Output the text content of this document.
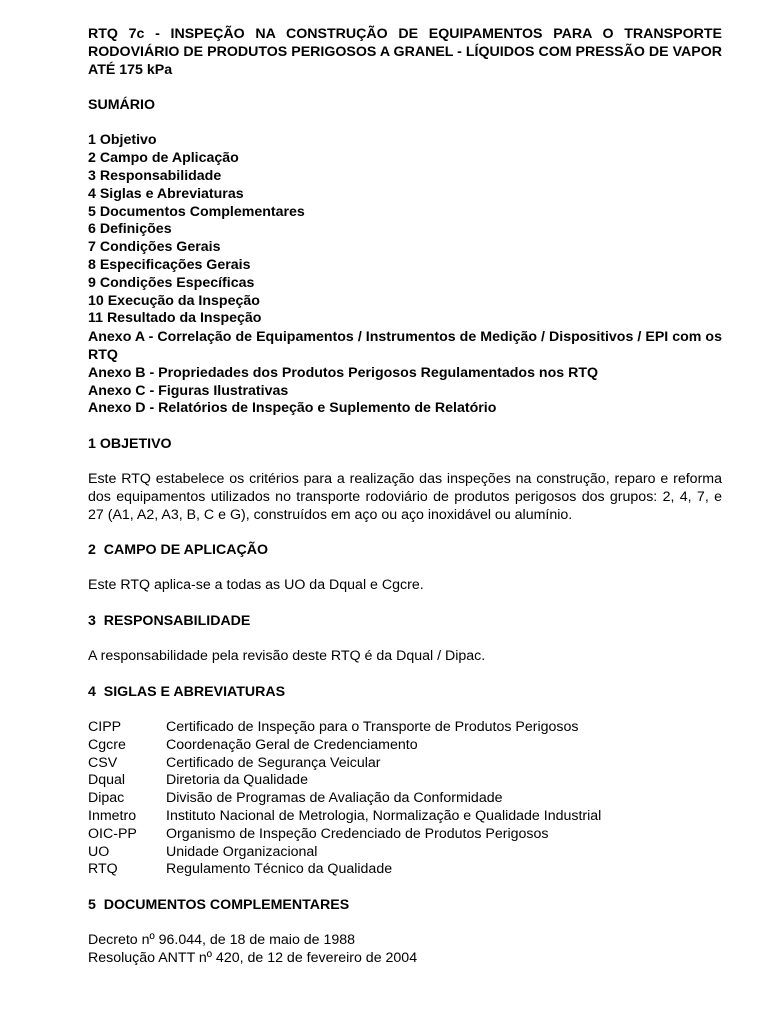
RTQ 7c - INSPEÇÃO NA CONSTRUÇÃO DE EQUIPAMENTOS PARA O TRANSPORTE RODOVIÁRIO DE PRODUTOS PERIGOSOS A GRANEL - LÍQUIDOS COM PRESSÃO DE VAPOR ATÉ 175 kPa

SUMÁRIO

1 Objetivo

2 Campo de Aplicação

3 Responsabilidade

4 Siglas e Abreviaturas

5 Documentos Complementares

6 Definições

7 Condições Gerais

8 Especificações Gerais

9 Condições Específicas

10 Execução da Inspeção

11 Resultado da Inspeção

Anexo A - Correlação de Equipamentos / Instrumentos de Medição / Dispositivos / EPI com os RTQ

Anexo B - Propriedades dos Produtos Perigosos Regulamentados nos RTQ

Anexo C - Figuras Ilustrativas

Anexo D - Relatórios de Inspeção e Suplemento de Relatório

1 OBJETIVO

Este RTQ estabelece os critérios para a realização das inspeções na construção, reparo e reforma dos equipamentos utilizados no transporte rodoviário de produtos perigosos dos grupos: 2, 4, 7, e 27 (A1, A2, A3, B, C e G), construídos em aço ou aço inoxidável ou alumínio.

2  CAMPO DE APLICAÇÃO

Este RTQ aplica-se a todas as UO da Dqual e Cgcre.

3  RESPONSABILIDADE

A responsabilidade pela revisão deste RTQ é da Dqual / Dipac.

4  SIGLAS E ABREVIATURAS

CIPP	Certificado de Inspeção para o Transporte de Produtos Perigosos
Cgcre	Coordenação Geral de Credenciamento
CSV	Certificado de Segurança Veicular
Dqual	Diretoria da Qualidade
Dipac	Divisão de Programas de Avaliação da Conformidade
Inmetro	Instituto Nacional de Metrologia, Normalização e Qualidade Industrial
OIC-PP	Organismo de Inspeção Credenciado de Produtos Perigosos
UO	Unidade Organizacional
RTQ	Regulamento Técnico da Qualidade

5  DOCUMENTOS COMPLEMENTARES

Decreto nº 96.044, de 18 de maio de 1988

Resolução ANTT nº 420, de 12 de fevereiro de 2004
